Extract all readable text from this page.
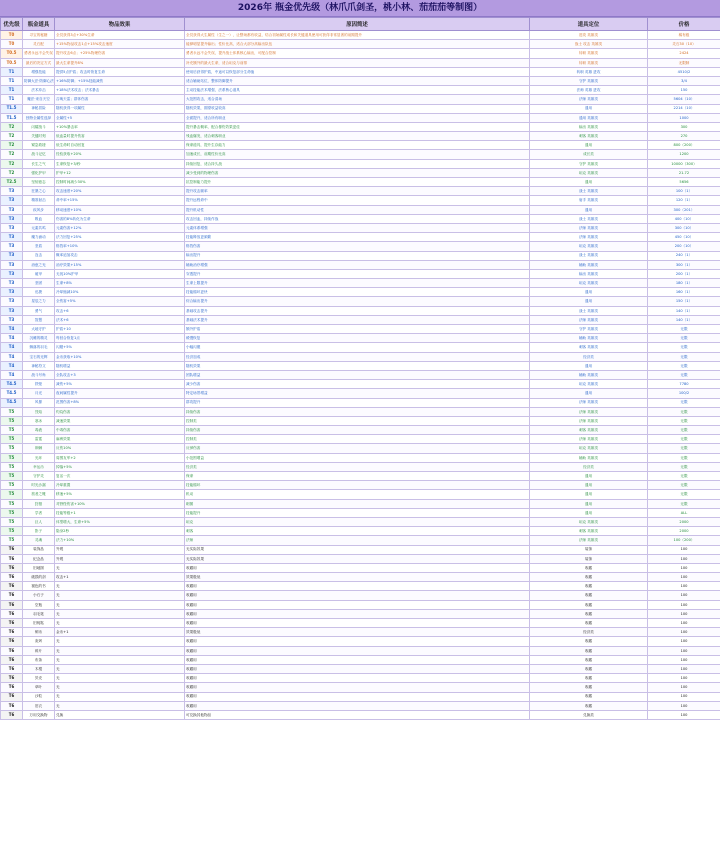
2026年 瓶金优先级（林爪爪剑圣，桃小林、茄茄茄等制图）
优先级	瓶金道具	物品效果	原因简述	道具定位	价格
T0	寻宝的秘籍	全员获得3点+30%生命	全员获得大生属性（生之一），让整场都有收益，结合初始属性成长和关键道具使用可获得非常显著的前期提升	进攻 英雄类	稀有级
T0	灵石配	+15%物品攻击1点+15%攻击速度	能够明显提升输出；性价比高，适合大部分高输出队伍	战士 攻击 英雄类	灵石30（10）
T0.5	勇者永远不会失误	提升攻击6点；+25%物理伤害	勇者永远不会失误，提升战士体系核心输出，可配合控制	转职 英雄类	2424
T0.5	最后的决定方式	最大生命提升8%	补充额外的最大生命，适合坦克与前排	转职 英雄类	无限制
T1	增强技能	提供5点护盾；攻击时恢复生命	使用后获得护盾，中途可以恢复部分生命值	转职 英雄 进攻	4510/2
T1	防御大法·防御心法	+16%防御；+15%技能减伤	适合辅助站位，整体防御提升	守护 英雄类	3/4
T1	法术冲击	+18%法术攻击；法术暴击	主动技能法术增强，法系核心道具	法师 英雄 进攻	150
T1	魔法·来自天空	召唤天雷；群体伤害	大范围攻击，适合清场	法师 英雄类	5604（10）
T1.5	神秘冒险	随机获得一项属性	随机效果，期望收益较高	通用	2214（10）
T1.5	独特全属性选择	全属性+5	全面提升，适合所有职业	通用 英雄类	1000
T2	闪耀战斗	+10%暴击率	提升暴击概率，配合暴伤效果更佳	输出 英雄类	300
T2	关键时刻	低血量时提升伤害	残血爆发，适合刺客职业	刺客 英雄类	270
T2	紧急救援	低生命时自动回复	保命道具，提升生存能力	通用	800（200）
T2	战斗记忆	经验获取+20%	加速成长，前期性价比高	成长类	1200
T2	长生之气	生命恢复+3/秒	持续回复，适合持久战	守护 英雄类	10000（300）
T2	强化护甲	护甲+12	减少受到的物理伤害	坦克 英雄类	21.72
T2.5	坚韧意志	控制时间减少30%	抗控制能力提升	通用	5656
T3	狂暴之心	攻击速度+20%	提升攻击频率	战士 英雄类	100（1）
T3	精准射击	命中率+15%	提升远程命中	射手 英雄类	120（1）
T3	疾风步	移动速度+10%	提升机动性	通用	300（201）
T3	吸血	伤害的8%转化为生命	攻击回血，持续作战	战士 英雄类	400（10）
T3	元素共鸣	元素伤害+12%	元素体系增强	法师 英雄类	300（10）
T3	魔力涌动	法力回复+25%	技能释放更频繁	法师 英雄类	450（10）
T3	坚盾	格挡率+10%	格挡伤害	坦克 英雄类	200（10）
T3	连击	概率追加攻击	输出提升	战士 英雄类	240（1）
T3	治愈之光	治疗效果+15%	辅助治疗增强	辅助 英雄类	300（1）
T3	破甲	无视10%护甲	穿透提升	输出 英雄类	200（1）
T3	坚固	生命+8%	生命上限提升	坦克 英雄类	180（1）
T3	迅捷	冷却缩减10%	技能循环更快	通用	160（1）
T3	星辰之力	全伤害+5%	综合输出提升	通用	150（1）
T3	勇气	攻击+6	基础攻击提升	战士 英雄类	140（1）
T3	智慧	法术+6	基础法术提升	法师 英雄类	140（1）
T4	大地守护	护盾+10	额外护盾	守护 英雄类	无限
T4	沉睡的精灵	每回合恢复1点	缓慢恢复	辅助 英雄类	无限
T4	飘落的羽毛	闪避+5%	小幅闪避	刺客 英雄类	无限
T4	宝石的光辉	金币获取+10%	经济加成	经济类	无限
T4	神秘符文	随机增益	随机效果	通用	无限
T4	战斗号角	全队攻击+3	团队增益	辅助 英雄类	无限
T4.5	铁壁	减伤+5%	减少伤害	坦克 英雄类	7780
T4.5	月光	夜间属性提升	特定场景增益	通用	100/2
T4.5	风暴	范围伤害+8%	群攻提升	法师 英雄类	无限
T5	烈焰	灼烧伤害	持续伤害	法师 英雄类	无限
T5	寒冰	减速效果	控制类	法师 英雄类	无限
T5	毒液	中毒伤害	持续伤害	刺客 英雄类	无限
T5	雷霆	麻痹效果	控制类	法师 英雄类	无限
T5	荆棘	反伤10%	反弹伤害	坦克 英雄类	无限
T5	光环	周围友军+2	小范围增益	辅助 英雄类	无限
T5	幸运币	掉落+5%	经济类	经济类	无限
T5	守护灵	复活一次	保命	通用	无限
T5	时光沙漏	冷却重置	技能循环	通用	无限
T5	旅者之靴	移速+5%	机动	通用	无限
T5	狩猎	对野怪伤害+10%	刷图	通用	无限
T5	学者	技能等级+1	技能提升	通用	ALL
T5	巨人	体型增大，生命+5%	坦克	坦克 英雄类	2000
T5	影子	隐身2秒	刺客	刺客 英雄类	2000
T5	灵魂	法力+10%	法师	法师 英雄类	100（200）
T6	装饰品	外观	无实际效果	装饰	100
T6	纪念品	外观	无实际效果	装饰	100
T6	旧地图	无	收藏用	收藏	100
T6	破损的剑	攻击+1	效果极低	收藏	100
T6	褪色的书	无	收藏用	收藏	100
T6	小石子	无	收藏用	收藏	100
T6	空瓶	无	收藏用	收藏	100
T6	羽毛笔	无	收藏用	收藏	100
T6	旧钥匙	无	收藏用	收藏	100
T6	铜币	金币+1	效果极低	经济类	100
T6	灰烬	无	收藏用	收藏	100
T6	碎片	无	收藏用	收藏	100
T6	布条	无	收藏用	收藏	100
T6	木棍	无	收藏用	收藏	100
T6	贝壳	无	收藏用	收藏	100
T6	草叶	无	收藏用	收藏	100
T6	沙粒	无	收藏用	收藏	100
T6	旧衣	无	收藏用	收藏	100
T6	万用交换物	兑换	可兑换其他物品	兑换类	100
